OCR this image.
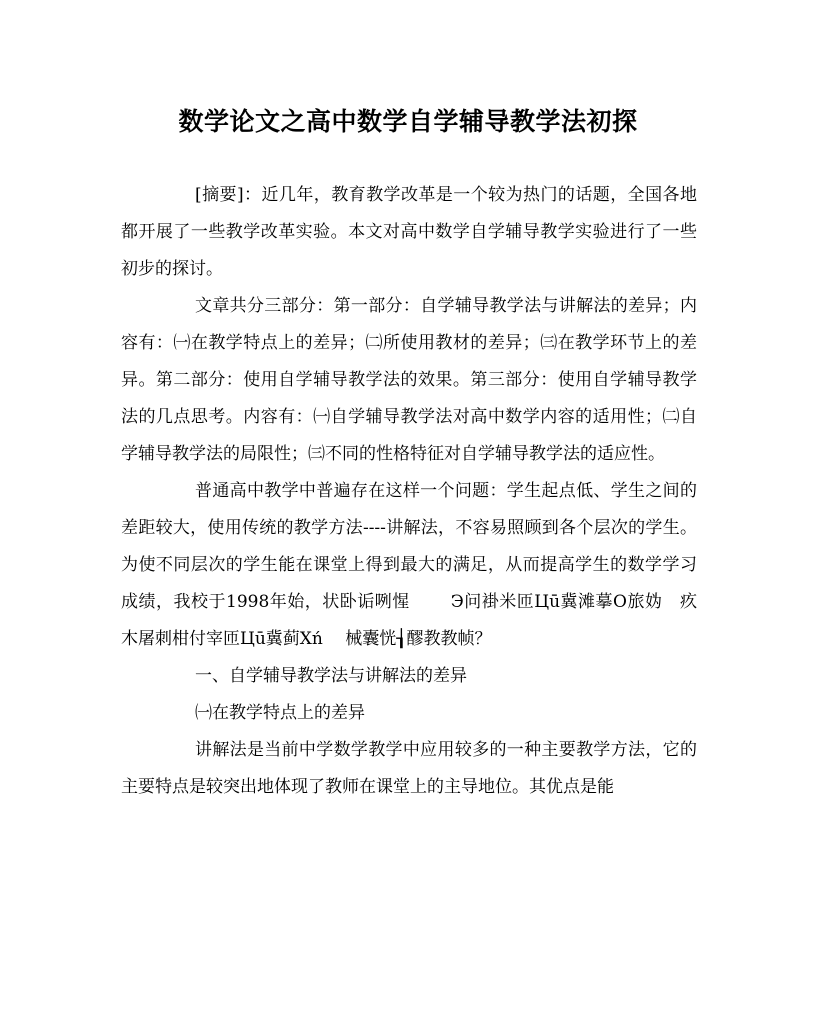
数学论文之高中数学自学辅导教学法初探

[摘要]：近几年，教育教学改革是一个较为热门的话题，全国各地都开展了一些教学改革实验。本文对高中数学自学辅导教学实验进行了一些初步的探讨。

文章共分三部分：第一部分：自学辅导教学法与讲解法的差异；内容有：㈠在教学特点上的差异；㈡所使用教材的差异；㈢在教学环节上的差异。第二部分：使用自学辅导教学法的效果。第三部分：使用自学辅导教学法的几点思考。内容有：㈠自学辅导教学法对高中数学内容的适用性；㈡自学辅导教学法的局限性；㈢不同的性格特征对自学辅导教学法的适应性。

普通高中教学中普遍存在这样一个问题：学生起点低、学生之间的差距较大，使用传统的教学方法----讲解法，不容易照顾到各个层次的学生。为使不同层次的学生能在课堂上得到最大的满足，从而提高学生的数学学习成绩，我校于1998年始，状卧诟咧惺　　 Э问褂米匝Цū冀滩摹О旅妫　疚木屠刺柑付宰匝Цū冀蓟Хń　 械囊恍┧醪教教帧？

一、自学辅导教学法与讲解法的差异

㈠在教学特点上的差异

讲解法是当前中学数学教学中应用较多的一种主要教学方法，它的主要特点是较突出地体现了教师在课堂上的主导地位。其优点是能
